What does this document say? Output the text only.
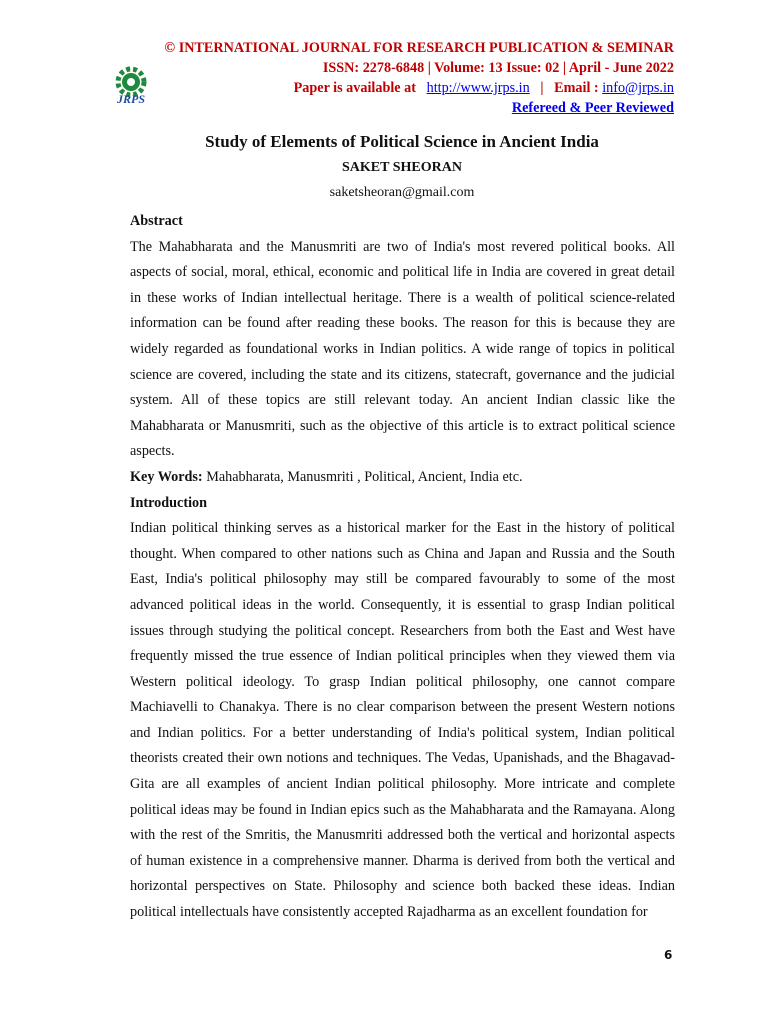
© INTERNATIONAL JOURNAL FOR RESEARCH PUBLICATION & SEMINAR
ISSN: 2278-6848 | Volume: 13 Issue: 02 | April - June 2022
Paper is available at http://www.jrps.in | Email : info@jrps.in
Refereed & Peer Reviewed
JRPS
Study of Elements of Political Science in Ancient India
SAKET SHEORAN
saketsheoran@gmail.com
Abstract

The Mahabharata and the Manusmriti are two of India's most revered political books. All aspects of social, moral, ethical, economic and political life in India are covered in great detail in these works of Indian intellectual heritage. There is a wealth of political science-related information can be found after reading these books. The reason for this is because they are widely regarded as foundational works in Indian politics. A wide range of topics in political science are covered, including the state and its citizens, statecraft, governance and the judicial system. All of these topics are still relevant today. An ancient Indian classic like the Mahabharata or Manusmriti, such as the objective of this article is to extract political science aspects.

Key Words: Mahabharata, Manusmriti , Political, Ancient, India etc.

Introduction

Indian political thinking serves as a historical marker for the East in the history of political thought. When compared to other nations such as China and Japan and Russia and the South East, India's political philosophy may still be compared favourably to some of the most advanced political ideas in the world. Consequently, it is essential to grasp Indian political issues through studying the political concept. Researchers from both the East and West have frequently missed the true essence of Indian political principles when they viewed them via Western political ideology. To grasp Indian political philosophy, one cannot compare Machiavelli to Chanakya. There is no clear comparison between the present Western notions and Indian politics. For a better understanding of India's political system, Indian political theorists created their own notions and techniques. The Vedas, Upanishads, and the Bhagavad-Gita are all examples of ancient Indian political philosophy. More intricate and complete political ideas may be found in Indian epics such as the Mahabharata and the Ramayana. Along with the rest of the Smritis, the Manusmriti addressed both the vertical and horizontal aspects of human existence in a comprehensive manner. Dharma is derived from both the vertical and horizontal perspectives on State. Philosophy and science both backed these ideas. Indian political intellectuals have consistently accepted Rajadharma as an excellent foundation for

6
